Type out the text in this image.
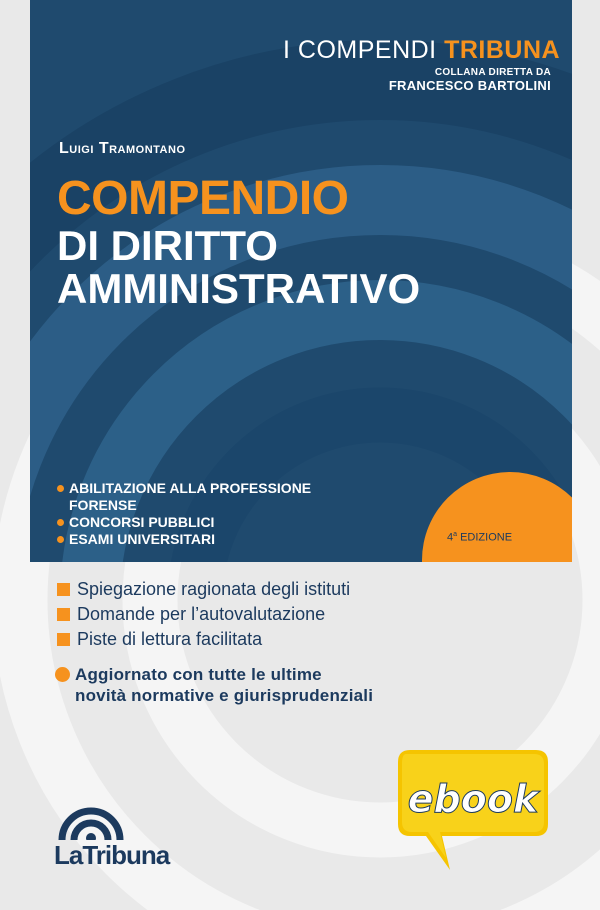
I COMPENDI TRIBUNA

COLLANA DIRETTA DA

FRANCESCO BARTOLINI

Luigi Tramontano

COMPENDIO

DI DIRITTO

AMMINISTRATIVO

ABILITAZIONE ALLA PROFESSIONE
FORENSE
CONCORSI PUBBLICI
ESAMI UNIVERSITARI	4$^a$ EDIZIONE

Spiegazione ragionata degli istituti
Domande per l’autovalutazione
Piste di lettura facilitata

Aggiornato con tutte le ultime
novità normative e giurisprudenziali

LaTribuna

ebook
